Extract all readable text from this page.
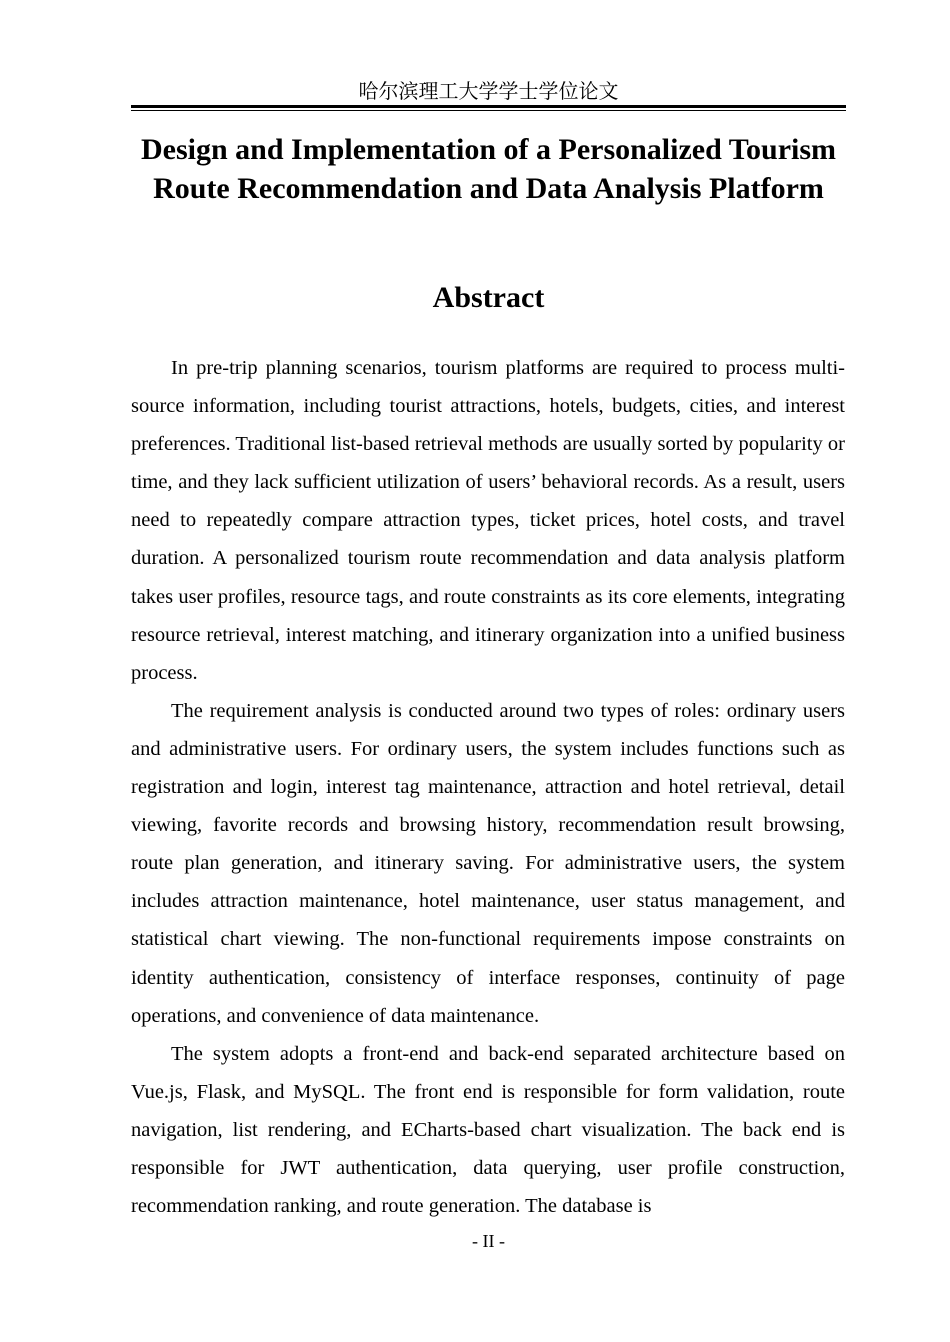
哈尔滨理工大学学士学位论文
Design and Implementation of a Personalized Tourism Route Recommendation and Data Analysis Platform
Abstract

In pre-trip planning scenarios, tourism platforms are required to process multi-source information, including tourist attractions, hotels, budgets, cities, and interest preferences. Traditional list-based retrieval methods are usually sorted by popularity or time, and they lack sufficient utilization of users’ behavioral records. As a result, users need to repeatedly compare attraction types, ticket prices, hotel costs, and travel duration. A personalized tourism route recommendation and data analysis platform takes user profiles, resource tags, and route constraints as its core elements, integrating resource retrieval, interest matching, and itinerary organization into a unified business process.

The requirement analysis is conducted around two types of roles: ordinary users and administrative users. For ordinary users, the system includes functions such as registration and login, interest tag maintenance, attraction and hotel retrieval, detail viewing, favorite records and browsing history, recommendation result browsing, route plan generation, and itinerary saving. For administrative users, the system includes attraction maintenance, hotel maintenance, user status management, and statistical chart viewing. The non-functional requirements impose constraints on identity authentication, consistency of interface responses, continuity of page operations, and convenience of data maintenance.

The system adopts a front-end and back-end separated architecture based on Vue.js, Flask, and MySQL. The front end is responsible for form validation, route navigation, list rendering, and ECharts-based chart visualization. The back end is responsible for JWT authentication, data querying, user profile construction, recommendation ranking, and route generation. The database is

- II -
